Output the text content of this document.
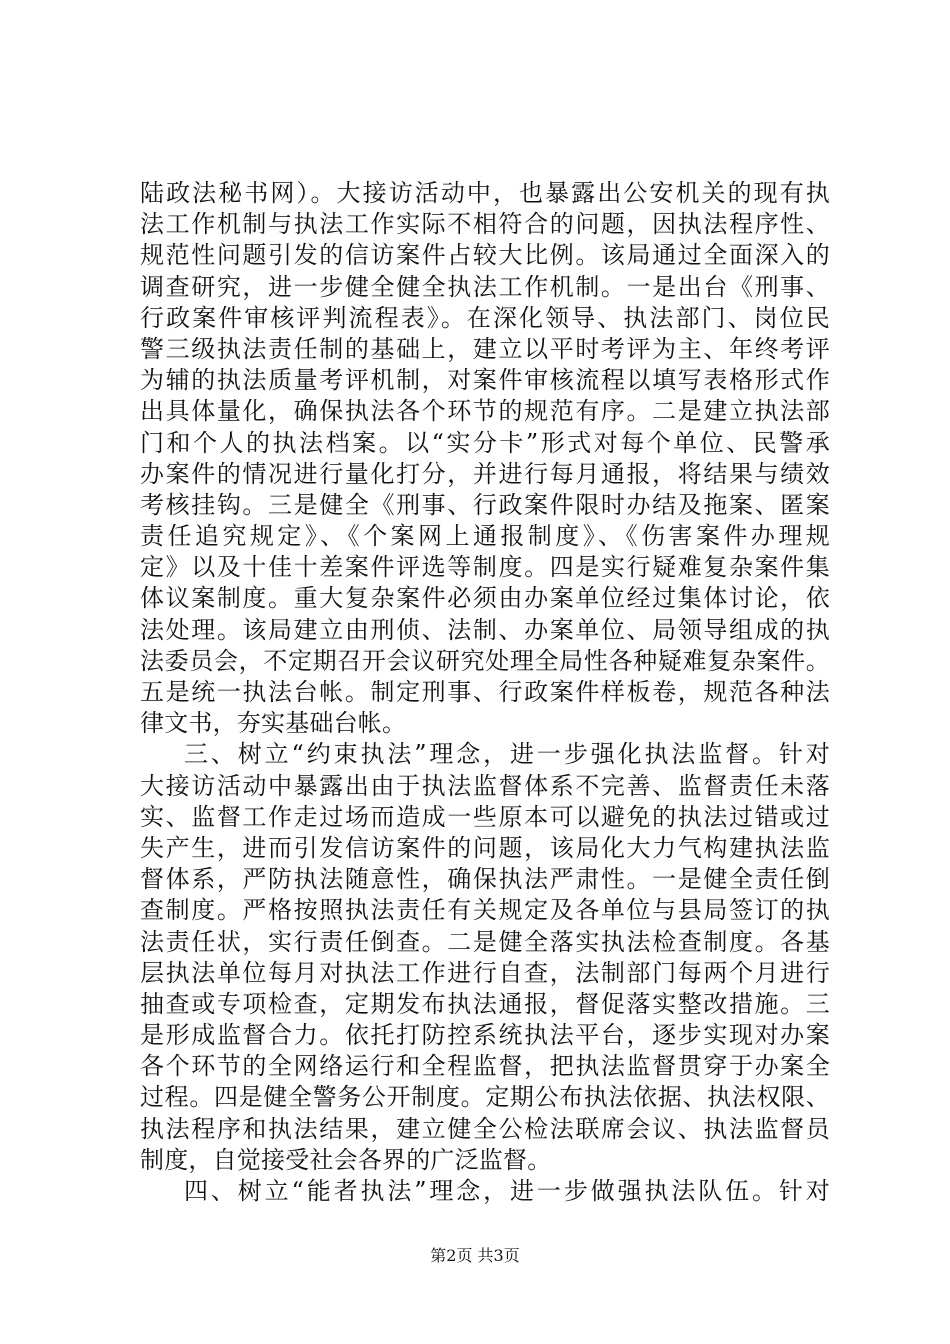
陆政法秘书网）。大接访活动中，也暴露出公安机关的现有执
法工作机制与执法工作实际不相符合的问题，因执法程序性、
规范性问题引发的信访案件占较大比例。该局通过全面深入的
调查研究，进一步健全健全执法工作机制。一是出台《刑事、
行政案件审核评判流程表》。在深化领导、执法部门、岗位民
警三级执法责任制的基础上，建立以平时考评为主、年终考评
为辅的执法质量考评机制，对案件审核流程以填写表格形式作
出具体量化，确保执法各个环节的规范有序。二是建立执法部
门和个人的执法档案。以“实分卡”形式对每个单位、民警承
办案件的情况进行量化打分，并进行每月通报，将结果与绩效
考核挂钩。三是健全《刑事、行政案件限时办结及拖案、匿案
责任追究规定》、《个案网上通报制度》、《伤害案件办理规
定》以及十佳十差案件评选等制度。四是实行疑难复杂案件集
体议案制度。重大复杂案件必须由办案单位经过集体讨论，依
法处理。该局建立由刑侦、法制、办案单位、局领导组成的执
法委员会，不定期召开会议研究处理全局性各种疑难复杂案件。
五是统一执法台帐。制定刑事、行政案件样板卷，规范各种法
律文书，夯实基础台帐。
三、树立“约束执法”理念，进一步强化执法监督。针对
大接访活动中暴露出由于执法监督体系不完善、监督责任未落
实、监督工作走过场而造成一些原本可以避免的执法过错或过
失产生，进而引发信访案件的问题，该局化大力气构建执法监
督体系，严防执法随意性，确保执法严肃性。一是健全责任倒
查制度。严格按照执法责任有关规定及各单位与县局签订的执
法责任状，实行责任倒查。二是健全落实执法检查制度。各基
层执法单位每月对执法工作进行自查，法制部门每两个月进行
抽查或专项检查，定期发布执法通报，督促落实整改措施。三
是形成监督合力。依托打防控系统执法平台，逐步实现对办案
各个环节的全网络运行和全程监督，把执法监督贯穿于办案全
过程。四是健全警务公开制度。定期公布执法依据、执法权限、
执法程序和执法结果，建立健全公检法联席会议、执法监督员
制度，自觉接受社会各界的广泛监督。
四、树立“能者执法”理念，进一步做强执法队伍。针对
第2页 共3页
